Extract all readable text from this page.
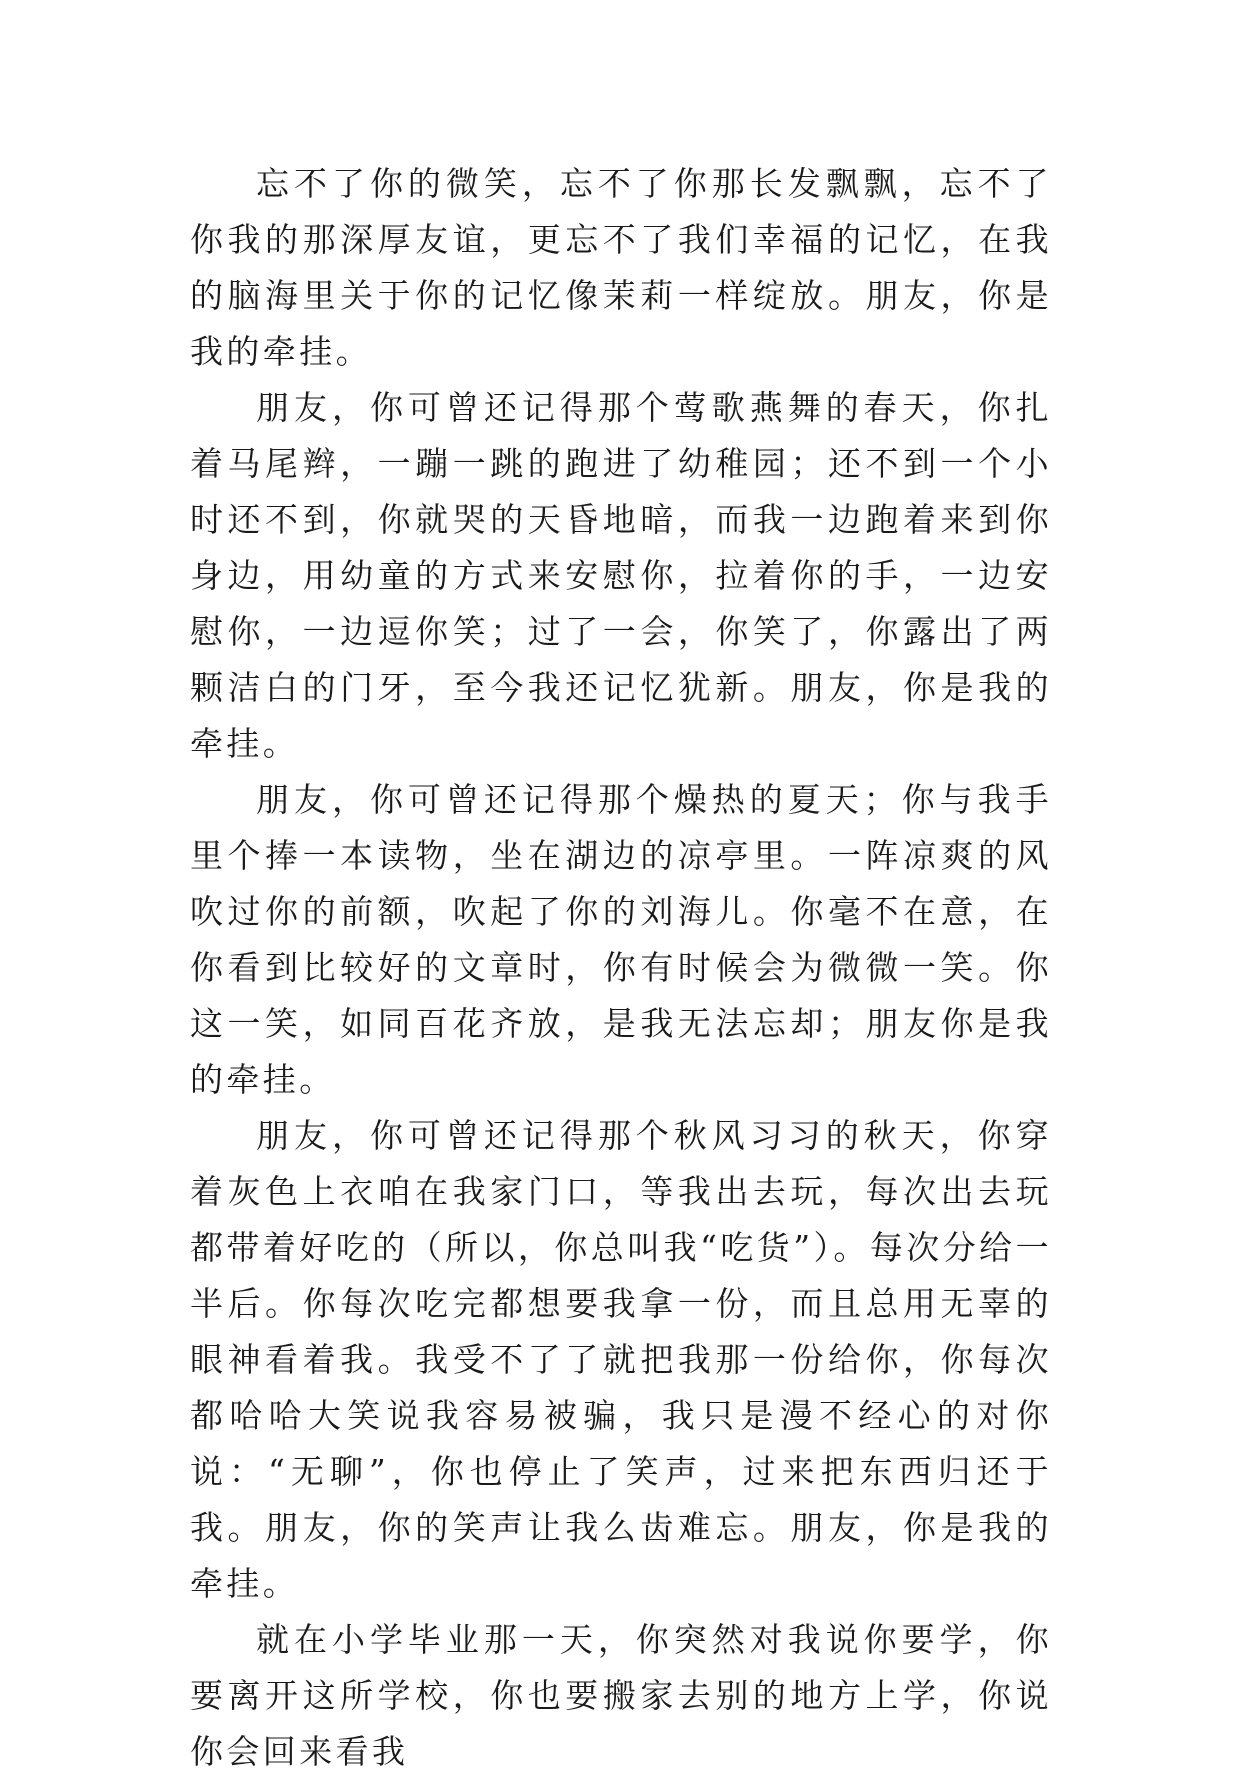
忘不了你的微笑，忘不了你那长发飘飘，忘不了你我的那深厚友谊，更忘不了我们幸福的记忆，在我的脑海里关于你的记忆像茉莉一样绽放。朋友，你是我的牵挂。

朋友，你可曾还记得那个莺歌燕舞的春天，你扎着马尾辫，一蹦一跳的跑进了幼稚园；还不到一个小时还不到，你就哭的天昏地暗，而我一边跑着来到你身边，用幼童的方式来安慰你，拉着你的手，一边安慰你，一边逗你笑；过了一会，你笑了，你露出了两颗洁白的门牙，至今我还记忆犹新。朋友，你是我的牵挂。

朋友，你可曾还记得那个燥热的夏天；你与我手里个捧一本读物，坐在湖边的凉亭里。一阵凉爽的风吹过你的前额，吹起了你的刘海儿。你毫不在意，在你看到比较好的文章时，你有时候会为微微一笑。你这一笑，如同百花齐放，是我无法忘却；朋友你是我的牵挂。

朋友，你可曾还记得那个秋风习习的秋天，你穿着灰色上衣咱在我家门口，等我出去玩，每次出去玩都带着好吃的（所以，你总叫我“吃货”）。每次分给一半后。你每次吃完都想要我拿一份，而且总用无辜的眼神看着我。我受不了了就把我那一份给你，你每次都哈哈大笑说我容易被骗，我只是漫不经心的对你说：“无聊”，你也停止了笑声，过来把东西归还于我。朋友，你的笑声让我么齿难忘。朋友，你是我的牵挂。

就在小学毕业那一天，你突然对我说你要学，你要离开这所学校，你也要搬家去别的地方上学，你说你会回来看我
